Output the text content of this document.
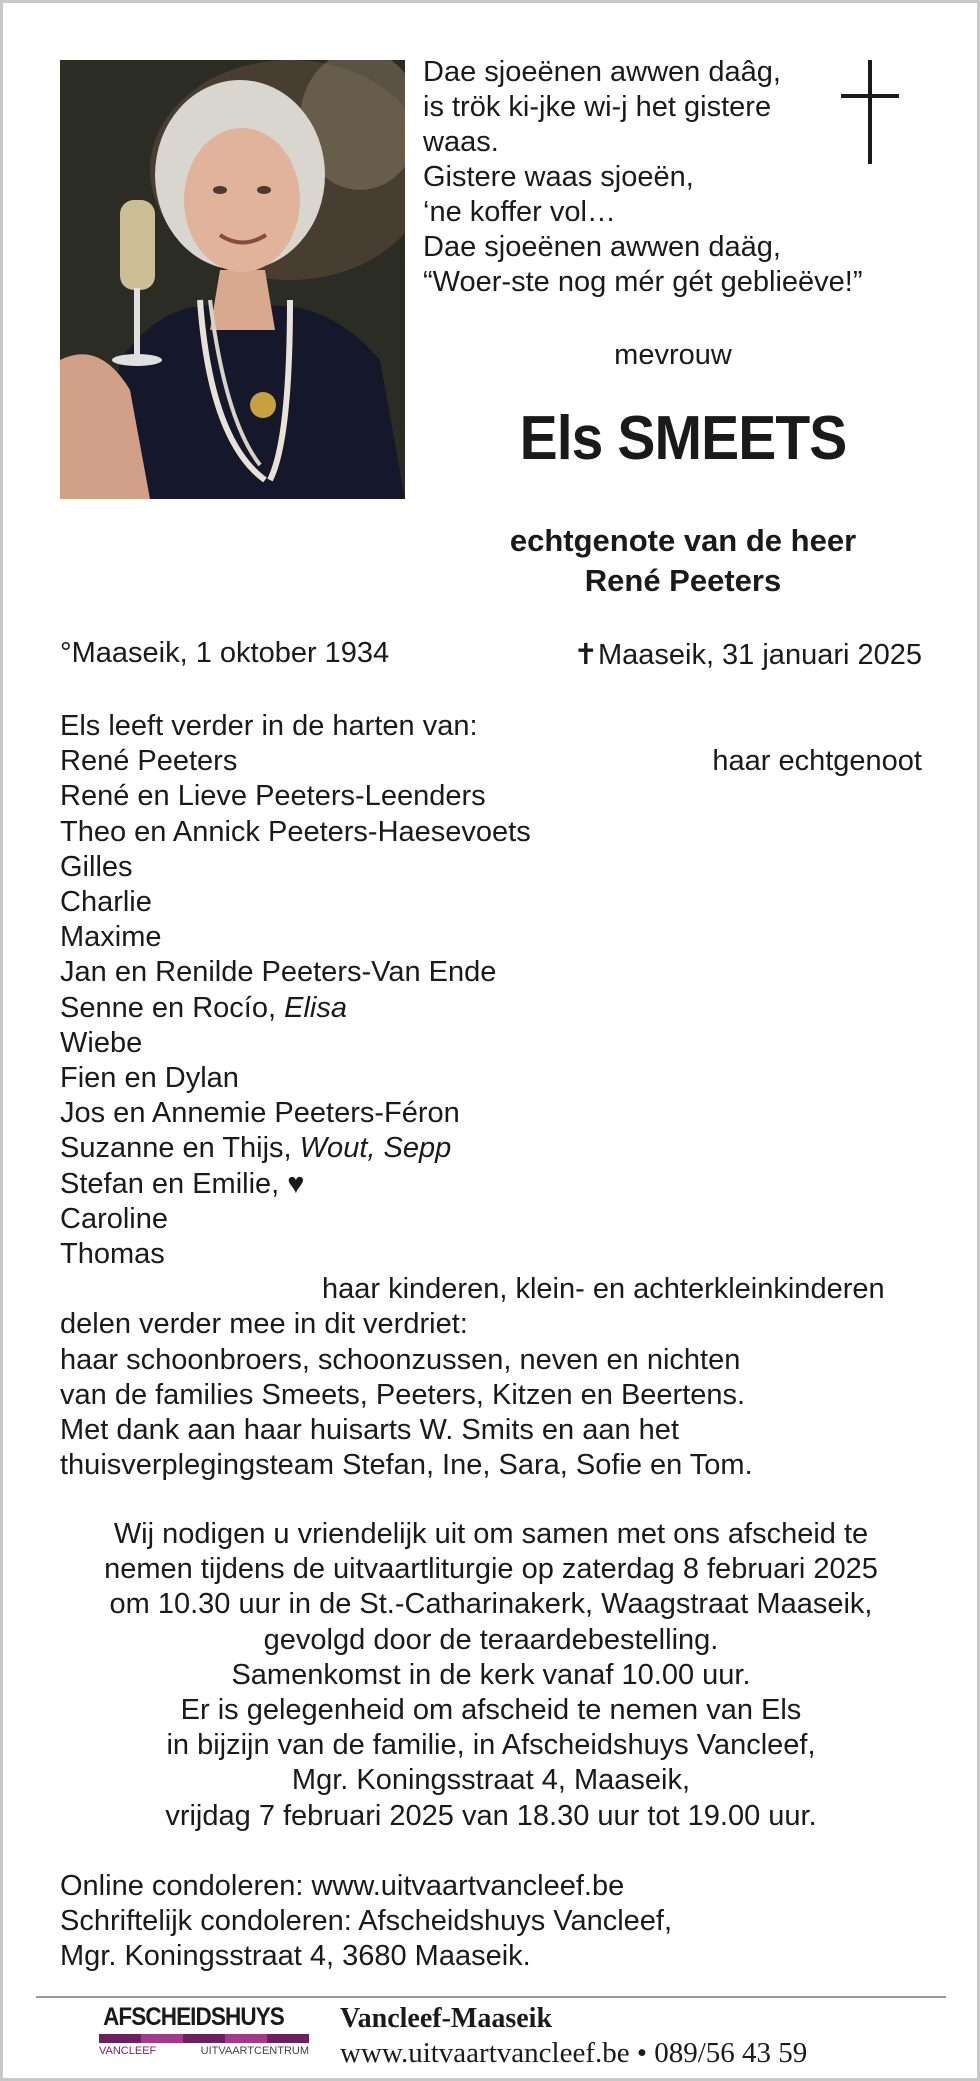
Dae sjoeënen awwen daâg,
is trök ki-jke wi-j het gistere
waas.
Gistere waas sjoeën,
‘ne koffer vol…
Dae sjoeënen awwen daäg,
“Woer-ste nog mér gét geblieëve!”

mevrouw

Els SMEETS

echtgenote van de heer
René Peeters
°Maaseik, 1 oktober 1934	✝Maaseik, 31 januari 2025
Els leeft verder in de harten van:
René Peeters	haar echtgenoot
René en Lieve Peeters-Leenders
Theo en Annick Peeters-Haesevoets
Gilles
Charlie
Maxime
Jan en Renilde Peeters-Van Ende
Senne en Rocío, Elisa
Wiebe
Fien en Dylan
Jos en Annemie Peeters-Féron
Suzanne en Thijs, Wout, Sepp
Stefan en Emilie, ♥
Caroline
Thomas
haar kinderen, klein- en achterkleinkinderen
delen verder mee in dit verdriet:
haar schoonbroers, schoonzussen, neven en nichten
van de families Smeets, Peeters, Kitzen en Beertens.
Met dank aan haar huisarts W. Smits en aan het
thuisverplegingsteam Stefan, Ine, Sara, Sofie en Tom.
Wij nodigen u vriendelijk uit om samen met ons afscheid te
nemen tijdens de uitvaartliturgie op zaterdag 8 februari 2025
om 10.30 uur in de St.-Catharinakerk, Waagstraat Maaseik,
gevolgd door de teraardebestelling.
Samenkomst in de kerk vanaf 10.00 uur.
Er is gelegenheid om afscheid te nemen van Els
in bijzijn van de familie, in Afscheidshuys Vancleef,
Mgr. Koningsstraat 4, Maaseik,
vrijdag 7 februari 2025 van 18.30 uur tot 19.00 uur.
Online condoleren: www.uitvaartvancleef.be
Schriftelijk condoleren: Afscheidshuys Vancleef,
Mgr. Koningsstraat 4, 3680 Maaseik.
AFSCHEIDSHUYS
VANCLEEF	UITVAARTCENTRUM
Vancleef-Maaseik
www.uitvaartvancleef.be • 089/56 43 59
